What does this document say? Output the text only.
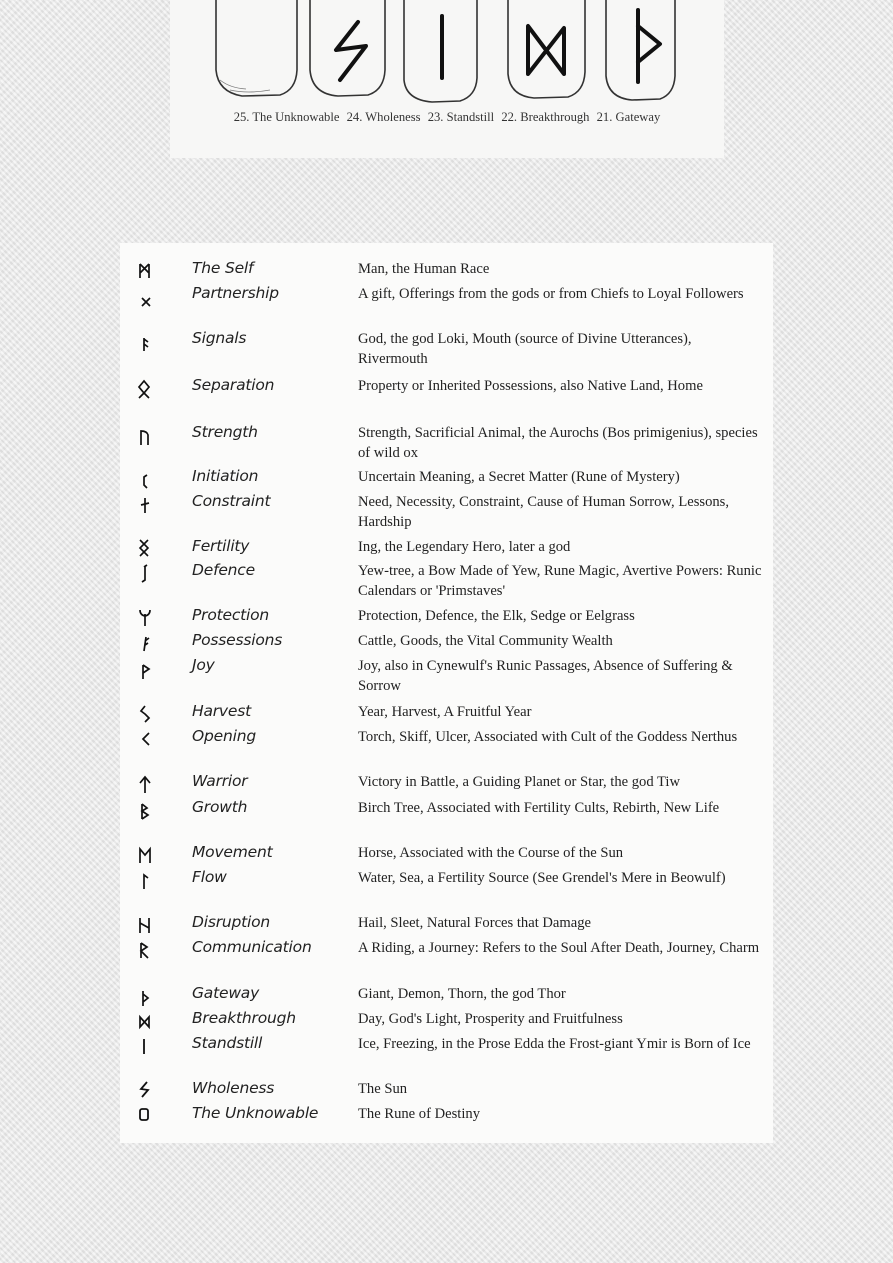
25. The Unknowable 24. Wholeness 23. Standstill 22. Breakthrough 21. Gateway
The Self	Man, the Human Race
Partnership	A gift, Offerings from the gods or from Chiefs to Loyal Followers
Signals	God, the god Loki, Mouth (source of Divine Utterances), Rivermouth
Separation	Property or Inherited Possessions, also Native Land, Home
Strength	Strength, Sacrificial Animal, the Aurochs (Bos primigenius), species of wild ox
Initiation	Uncertain Meaning, a Secret Matter (Rune of Mystery)
Constraint	Need, Necessity, Constraint, Cause of Human Sorrow, Lessons, Hardship
Fertility	Ing, the Legendary Hero, later a god
Defence	Yew-tree, a Bow Made of Yew, Rune Magic, Avertive Powers: Runic Calendars or 'Primstaves'
Protection	Protection, Defence, the Elk, Sedge or Eelgrass
Possessions	Cattle, Goods, the Vital Community Wealth
Joy	Joy, also in Cynewulf's Runic Passages, Absence of Suffering & Sorrow
Harvest	Year, Harvest, A Fruitful Year
Opening	Torch, Skiff, Ulcer, Associated with Cult of the Goddess Nerthus
Warrior	Victory in Battle, a Guiding Planet or Star, the god Tiw
Growth	Birch Tree, Associated with Fertility Cults, Rebirth, New Life
Movement	Horse, Associated with the Course of the Sun
Flow	Water, Sea, a Fertility Source (See Grendel's Mere in Beowulf)
Disruption	Hail, Sleet, Natural Forces that Damage
Communication	A Riding, a Journey: Refers to the Soul After Death, Journey, Charm
Gateway	Giant, Demon, Thorn, the god Thor
Breakthrough	Day, God's Light, Prosperity and Fruitfulness
Standstill	Ice, Freezing, in the Prose Edda the Frost-giant Ymir is Born of Ice
Wholeness	The Sun
The Unknowable	The Rune of Destiny
